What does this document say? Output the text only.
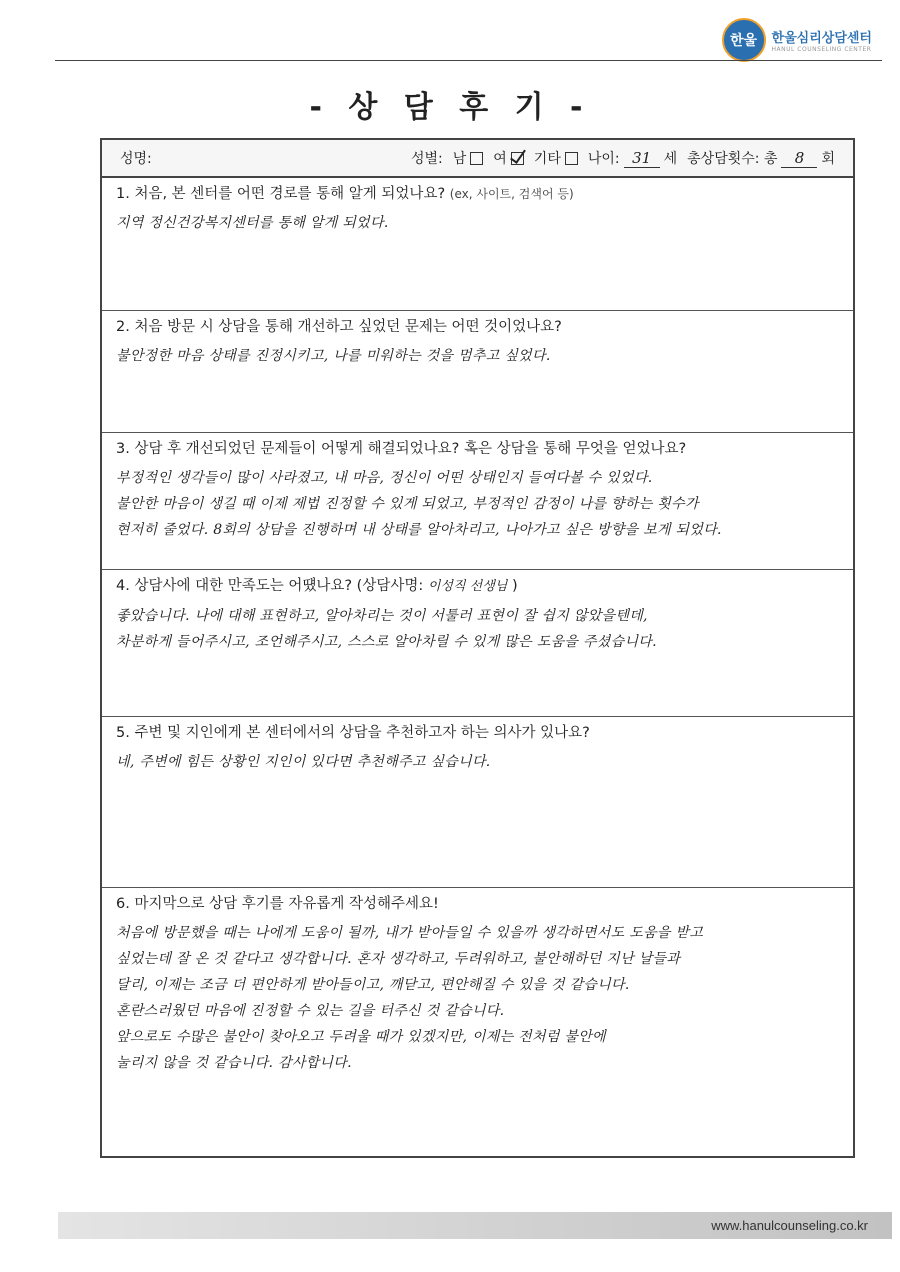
한울	한울심리상담센터
HANUL COUNSELING CENTER
- 상 담 후 기 -
성명:	성별: 남 여 기타 나이: 31 세 총상담횟수: 총	8	회
1. 처음, 본 센터를 어떤 경로를 통해 알게 되었나요? (ex, 사이트, 검색어 등)
지역 정신건강복지센터를 통해 알게 되었다.
2. 처음 방문 시 상담을 통해 개선하고 싶었던 문제는 어떤 것이었나요?
불안정한 마음 상태를 진정시키고, 나를 미워하는 것을 멈추고 싶었다.
3. 상담 후 개선되었던 문제들이 어떻게 해결되었나요? 혹은 상담을 통해 무엇을 얻었나요?
부정적인 생각들이 많이 사라졌고, 내 마음, 정신이 어떤 상태인지 들여다볼 수 있었다.
불안한 마음이 생길 때 이제 제법 진정할 수 있게 되었고, 부정적인 감정이 나를 향하는 횟수가
현저히 줄었다. 8회의 상담을 진행하며 내 상태를 알아차리고, 나아가고 싶은 방향을 보게 되었다.
4. 상담사에 대한 만족도는 어떘나요? (상담사명: 이성직 선생님 )
좋았습니다. 나에 대해 표현하고, 알아차리는 것이 서툴러 표현이 잘 쉽지 않았을텐데,
차분하게 들어주시고, 조언해주시고, 스스로 알아차릴 수 있게 많은 도움을 주셨습니다.
5. 주변 및 지인에게 본 센터에서의 상담을 추천하고자 하는 의사가 있나요?
네, 주변에 힘든 상황인 지인이 있다면 추천해주고 싶습니다.
6. 마지막으로 상담 후기를 자유롭게 작성해주세요!
처음에 방문했을 때는 나에게 도움이 될까, 내가 받아들일 수 있을까 생각하면서도 도움을 받고
싶었는데 잘 온 것 같다고 생각합니다. 혼자 생각하고, 두려워하고, 불안해하던 지난 날들과
달리, 이제는 조금 더 편안하게 받아들이고, 깨닫고, 편안해질 수 있을 것 같습니다.
혼란스러웠던 마음에 진정할 수 있는 길을 터주신 것 같습니다.
앞으로도 수많은 불안이 찾아오고 두려울 때가 있겠지만, 이제는 전처럼 불안에
눌리지 않을 것 같습니다. 감사합니다.
www.hanulcounseling.co.kr
